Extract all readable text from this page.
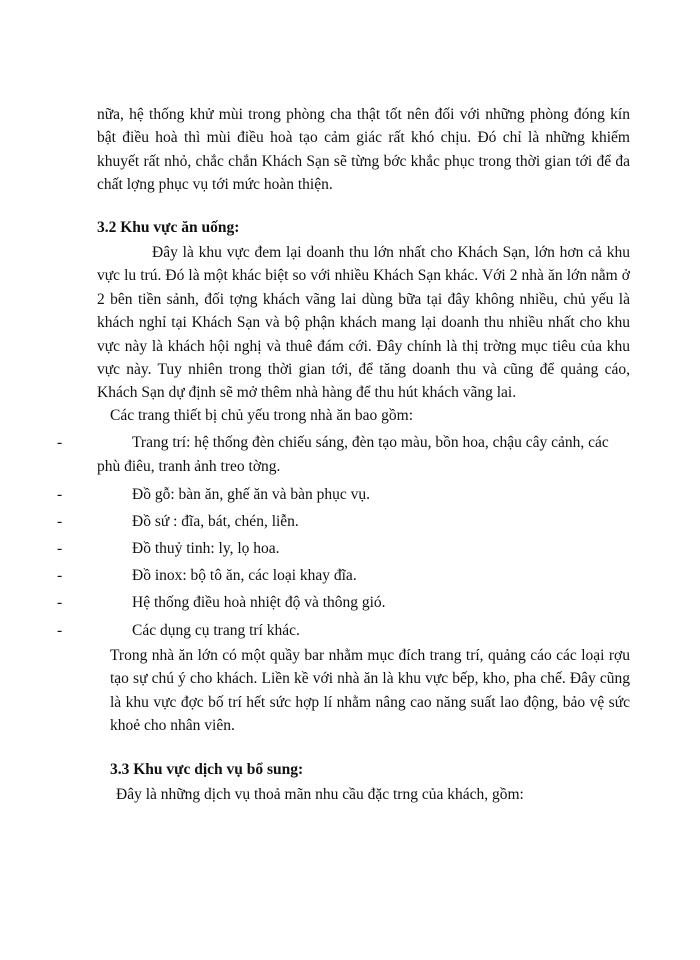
nữa, hệ thống khử mùi trong phòng cha thật tốt nên đối với những phòng đóng kín bật điều hoà thì mùi điều hoà tạo cảm giác rất khó chịu. Đó chỉ là những khiếm khuyết rất nhỏ, chắc chắn Khách Sạn sẽ từng bớc khắc phục trong thời gian tới để đa chất lợng phục vụ tới mức hoàn thiện.

3.2 Khu vực ăn uống:

Đây là khu vực đem lại doanh thu lớn nhất cho Khách Sạn, lớn hơn cả khu vực lu trú. Đó là một khác biệt so với nhiều Khách Sạn khác. Với 2 nhà ăn lớn nằm ở 2 bên tiền sảnh, đối tợng khách vãng lai dùng bữa tại đây không nhiều, chủ yếu là khách nghỉ tại Khách Sạn và bộ phận khách mang lại doanh thu nhiều nhất cho khu vực này là khách hội nghị và thuê đám cới. Đây chính là thị trờng mục tiêu của khu vực này. Tuy nhiên trong thời gian tới, để tăng doanh thu và cũng để quảng cáo, Khách Sạn dự định sẽ mở thêm nhà hàng để thu hút khách vãng lai.

Các trang thiết bị chủ yếu trong nhà ăn bao gồm:

-	Trang trí: hệ thống đèn chiếu sáng, đèn tạo màu, bồn hoa, chậu cây cảnh, các
phù điêu, tranh ảnh treo tờng.
-	Đồ gỗ: bàn ăn, ghế ăn và bàn phục vụ.
-	Đồ sứ : đĩa, bát, chén, liễn.
-	Đồ thuỷ tinh: ly, lọ hoa.
-	Đồ inox: bộ tô ăn, các loại khay đĩa.
-	Hệ thống điều hoà nhiệt độ và thông gió.
-	Các dụng cụ trang trí khác.

Trong nhà ăn lớn có một quầy bar nhằm mục đích trang trí, quảng cáo các loại rợu tạo sự chú ý cho khách. Liền kề với nhà ăn là khu vực bếp, kho, pha chế. Đây cũng là khu vực đợc bố trí hết sức hợp lí nhằm nâng cao năng suất lao động, bảo vệ sức khoẻ cho nhân viên.

3.3 Khu vực dịch vụ bổ sung:

Đây là những dịch vụ thoả mãn nhu cầu đặc trng của khách, gồm:
